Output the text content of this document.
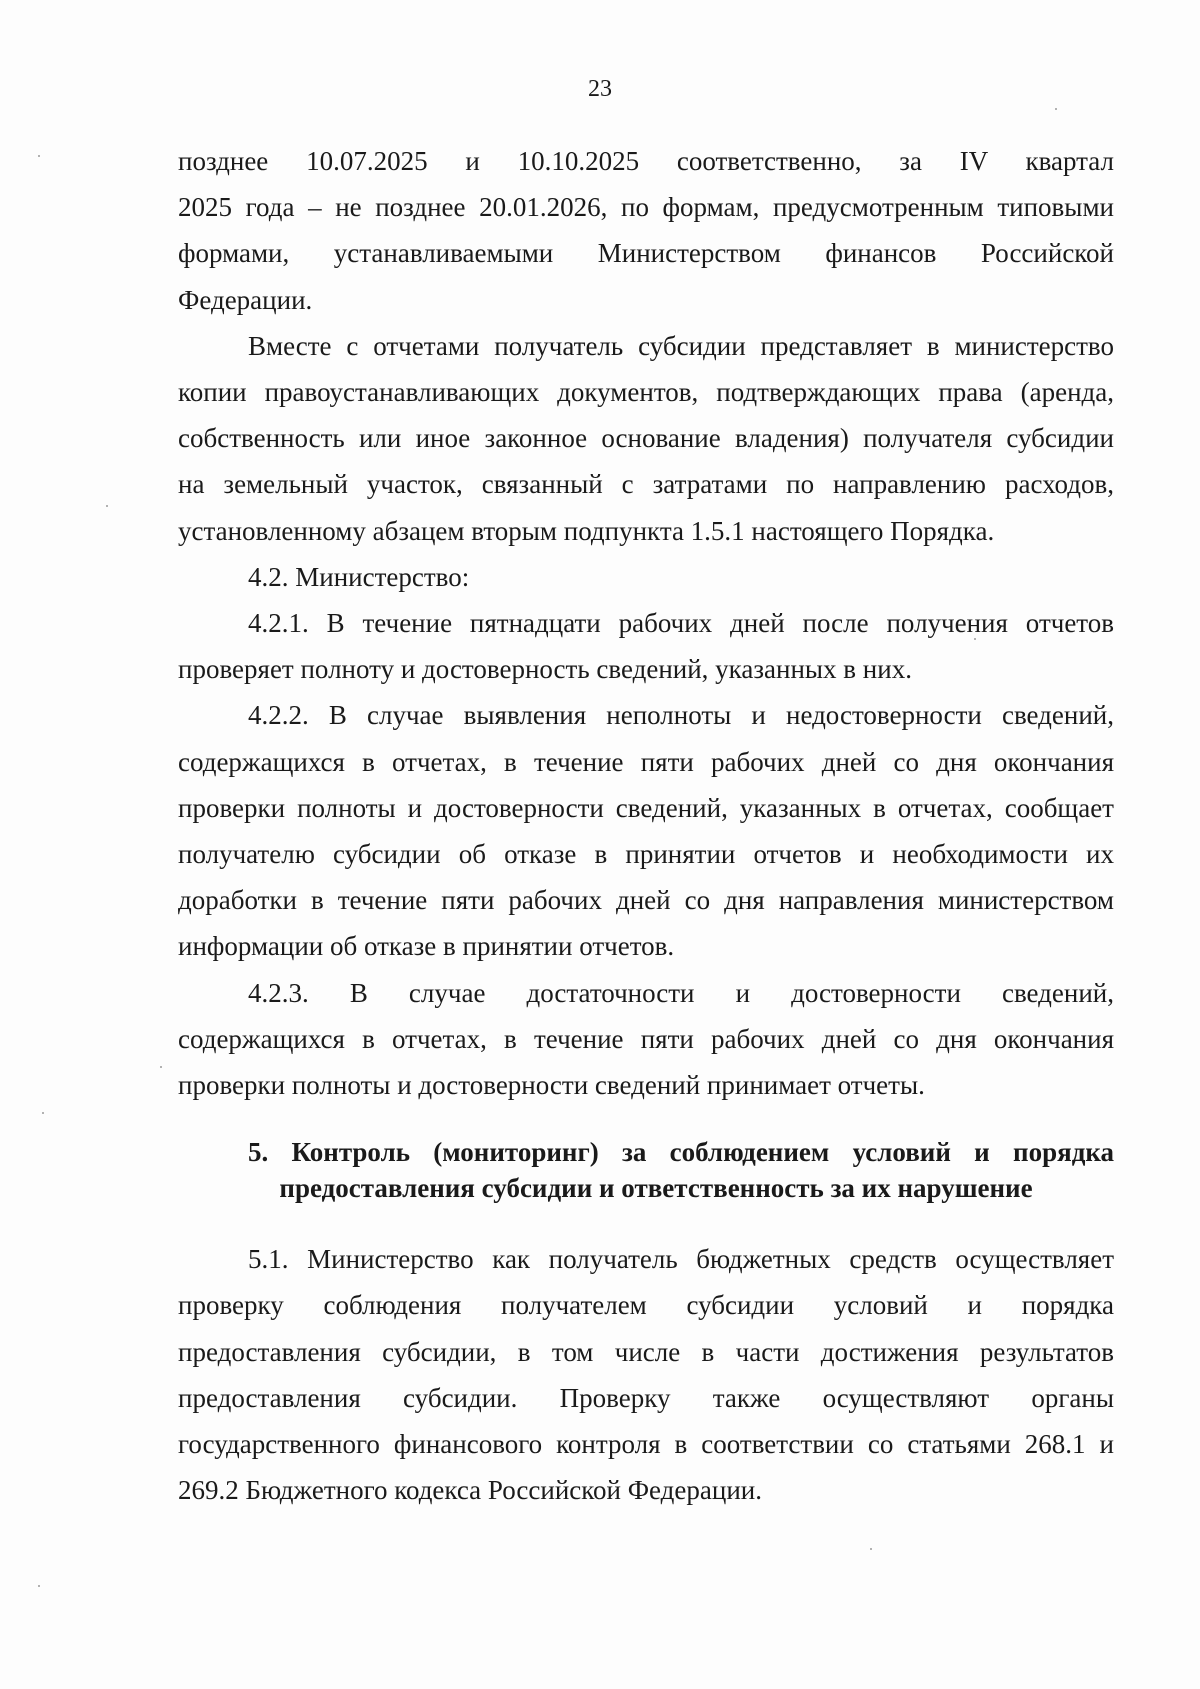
23
позднее 10.07.2025 и 10.10.2025 соответственно, за IV квартал
2025 года – не позднее 20.01.2026, по формам, предусмотренным типовыми
формами, устанавливаемыми Министерством финансов Российской
Федерации.
Вместе с отчетами получатель субсидии представляет в министерство
копии правоустанавливающих документов, подтверждающих права (аренда,
собственность или иное законное основание владения) получателя субсидии
на земельный участок, связанный с затратами по направлению расходов,
установленному абзацем вторым подпункта 1.5.1 настоящего Порядка.
4.2. Министерство:
4.2.1. В течение пятнадцати рабочих дней после получения отчетов
проверяет полноту и достоверность сведений, указанных в них.
4.2.2. В случае выявления неполноты и недостоверности сведений,
содержащихся в отчетах, в течение пяти рабочих дней со дня окончания
проверки полноты и достоверности сведений, указанных в отчетах, сообщает
получателю субсидии об отказе в принятии отчетов и необходимости их
доработки в течение пяти рабочих дней со дня направления министерством
информации об отказе в принятии отчетов.
4.2.3. В случае достаточности и достоверности сведений,
содержащихся в отчетах, в течение пяти рабочих дней со дня окончания
проверки полноты и достоверности сведений принимает отчеты.
5. Контроль (мониторинг) за соблюдением условий и порядка
предоставления субсидии и ответственность за их нарушение
5.1. Министерство как получатель бюджетных средств осуществляет
проверку соблюдения получателем субсидии условий и порядка
предоставления субсидии, в том числе в части достижения результатов
предоставления субсидии. Проверку также осуществляют органы
государственного финансового контроля в соответствии со статьями 268.1 и
269.2 Бюджетного кодекса Российской Федерации.
